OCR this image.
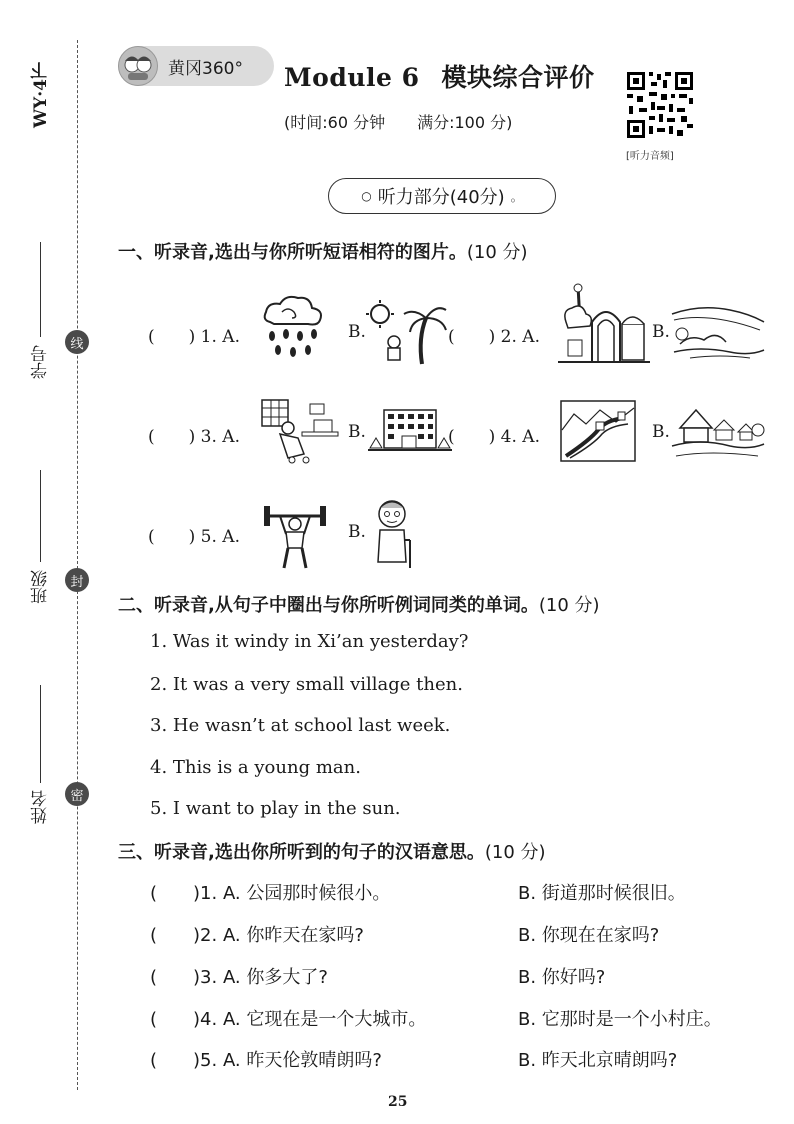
WY·4下
学号
班级
姓名
线
封
密
黄冈360° Module 6 模块综合评价
(时间:60 分钟　　满分:100 分)
[听力音频]
○ 听力部分(40分) 。
一、听录音,选出与你所听短语相符的图片。(10 分)
(　　) 1. A.	B.	(　　) 2. A.	B.
(　　) 3. A.	B.	(　　) 4. A.	B.
(　　) 5. A.	B.
二、听录音,从句子中圈出与你所听例词同类的单词。(10 分)
1. Was it windy in Xi’an yesterday?
2. It was a very small village then.
3. He wasn’t at school last week.
4. This is a young man.
5. I want to play in the sun.
三、听录音,选出你所听到的句子的汉语意思。(10 分)
(　　)1. A. 公园那时候很小。	B. 街道那时候很旧。
(　　)2. A. 你昨天在家吗?	B. 你现在在家吗?
(　　)3. A. 你多大了?	B. 你好吗?
(　　)4. A. 它现在是一个大城市。	B. 它那时是一个小村庄。
(　　)5. A. 昨天伦敦晴朗吗?	B. 昨天北京晴朗吗?
25
